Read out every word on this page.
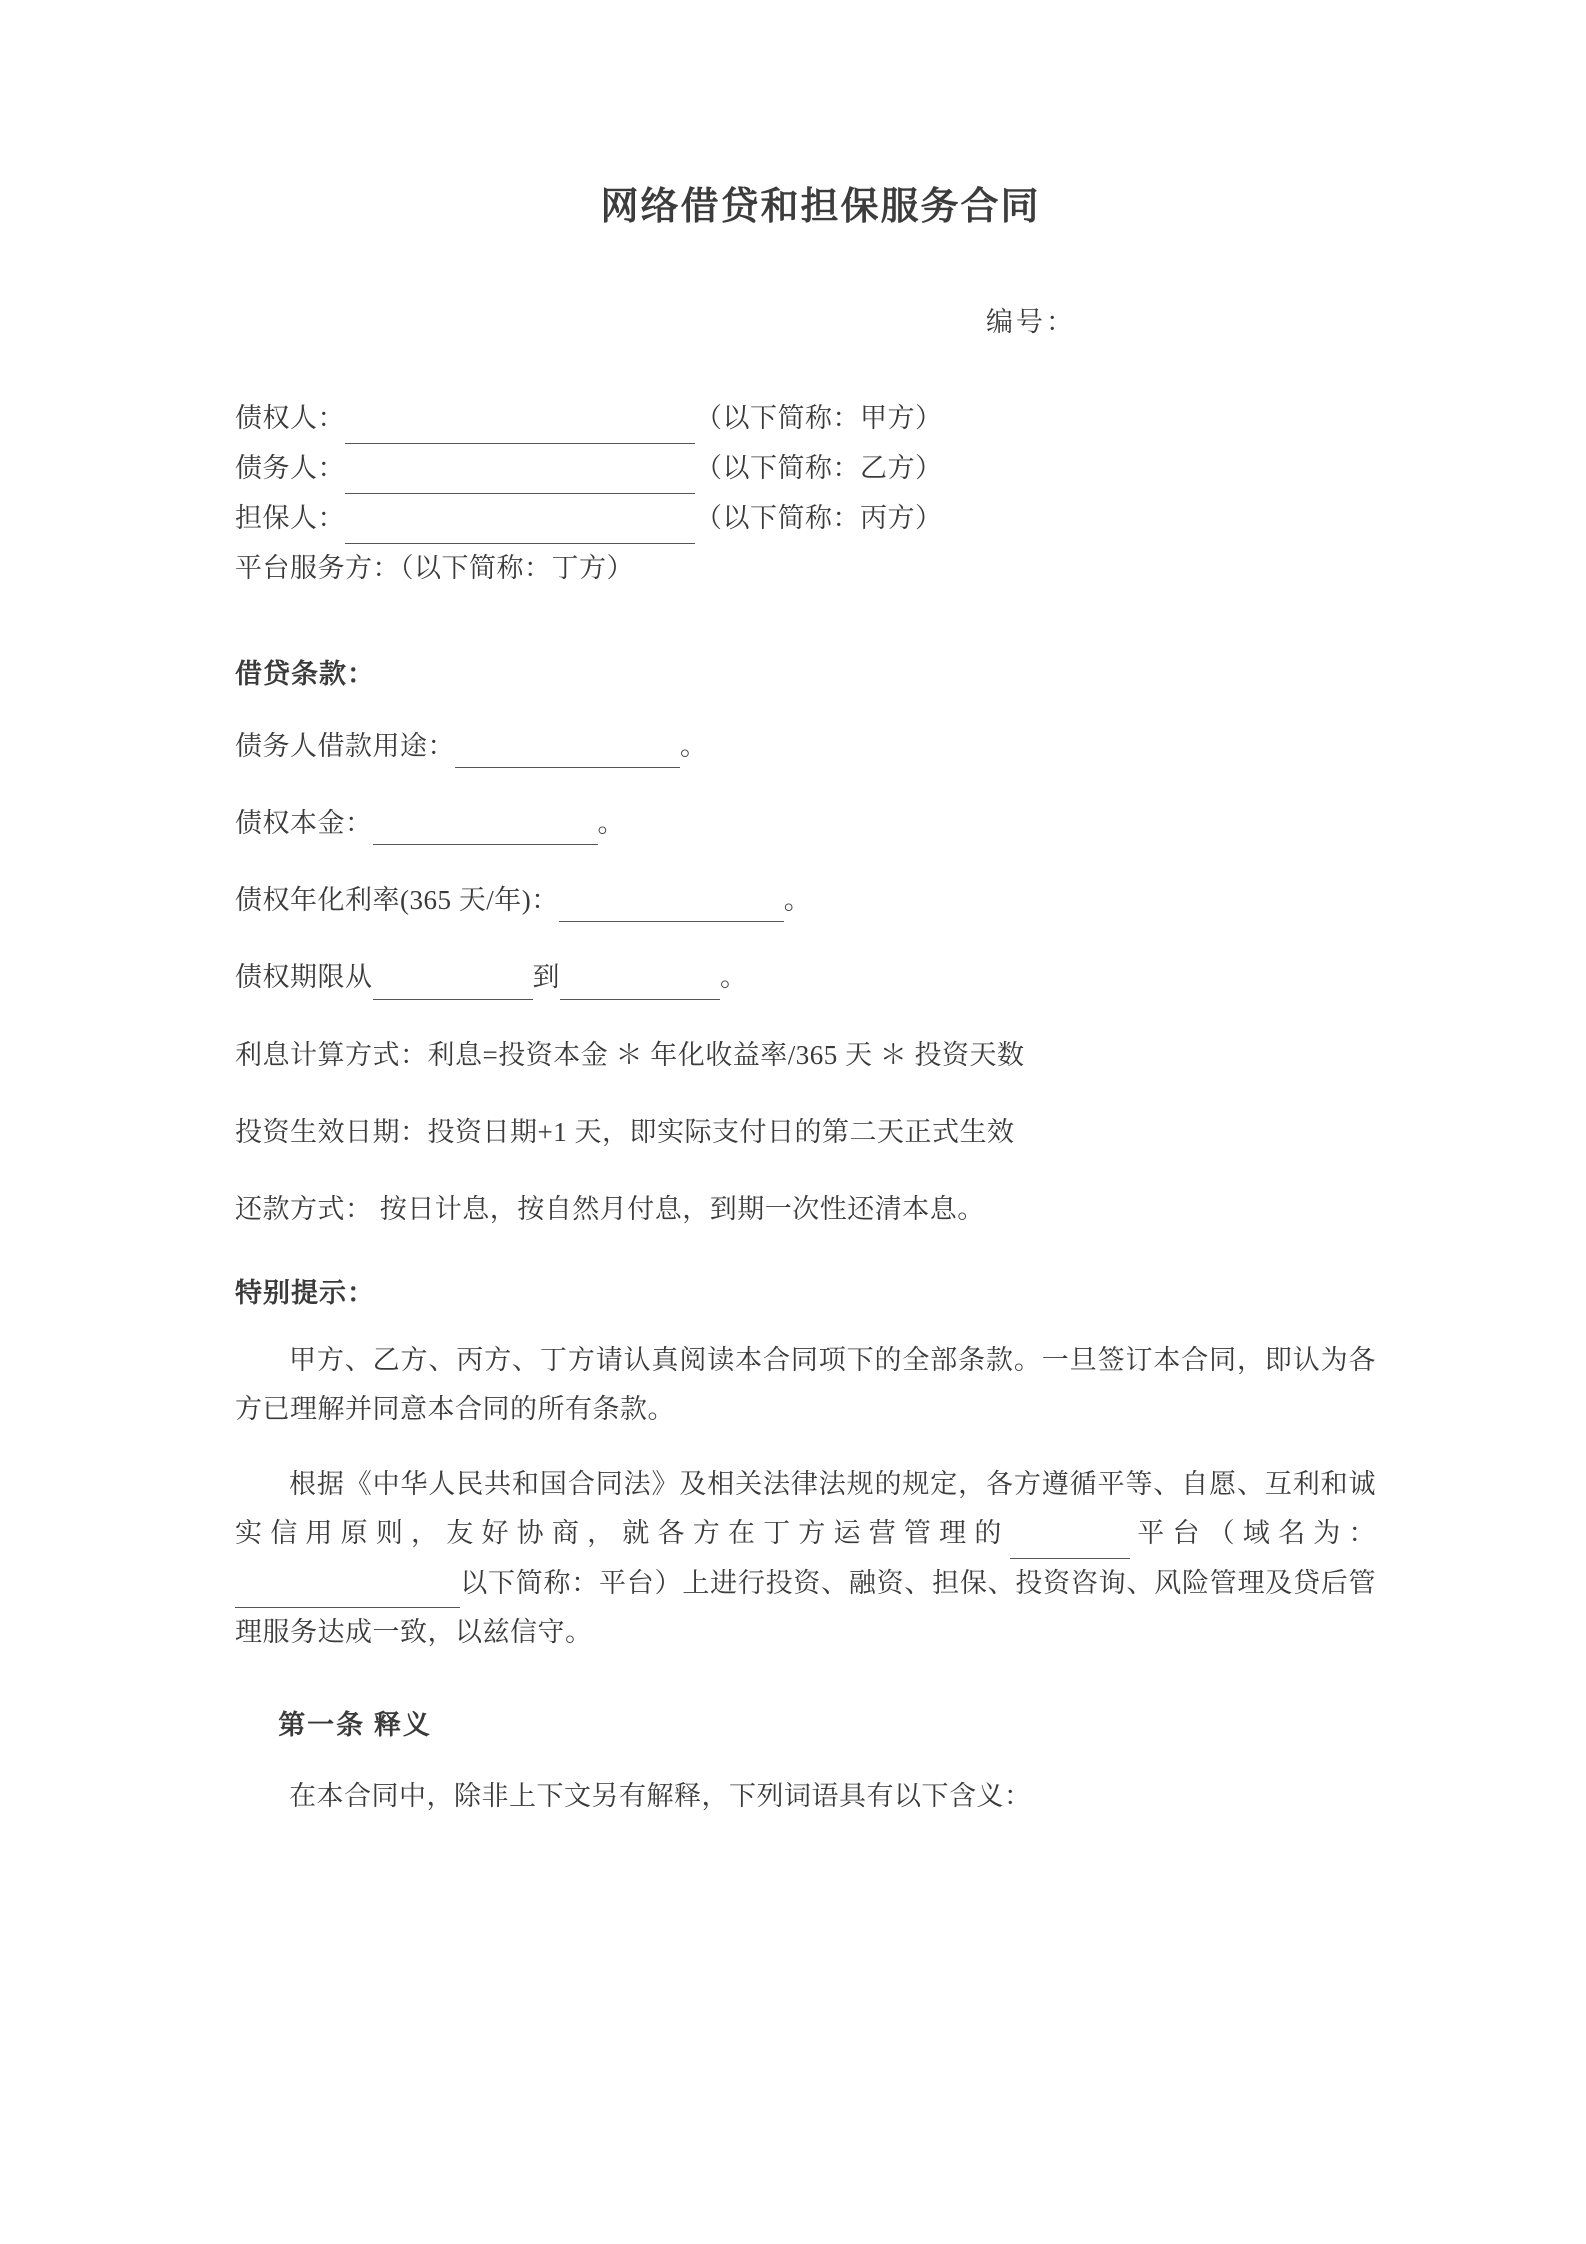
网络借贷和担保服务合同
编号：
债权人：	（以下简称：甲方）
债务人：	（以下简称：乙方）
担保人：	（以下简称：丙方）
平台服务方：（以下简称：丁方）
借贷条款：
债务人借款用途：	。
债权本金：	。
债权年化利率(365 天/年)：	。
债权期限从	到	。
利息计算方式：利息=投资本金 ＊ 年化收益率/365 天 ＊ 投资天数
投资生效日期：投资日期+1 天，即实际支付日的第二天正式生效
还款方式： 按日计息，按自然月付息，到期一次性还清本息。
特别提示：
甲方、乙方、丙方、丁方请认真阅读本合同项下的全部条款。一旦签订本合同，即认为各方已理解并同意本合同的所有条款。
根据《中华人民共和国合同法》及相关法律法规的规定，各方遵循平等、自愿、互利和诚实信用原则，友好协商，就各方在丁方运营管理的	平台（域名为：以下简称：平台）上进行投资、融资、担保、投资咨询、风险管理及贷后管理服务达成一致，以兹信守。
第一条 释义
在本合同中，除非上下文另有解释，下列词语具有以下含义：
